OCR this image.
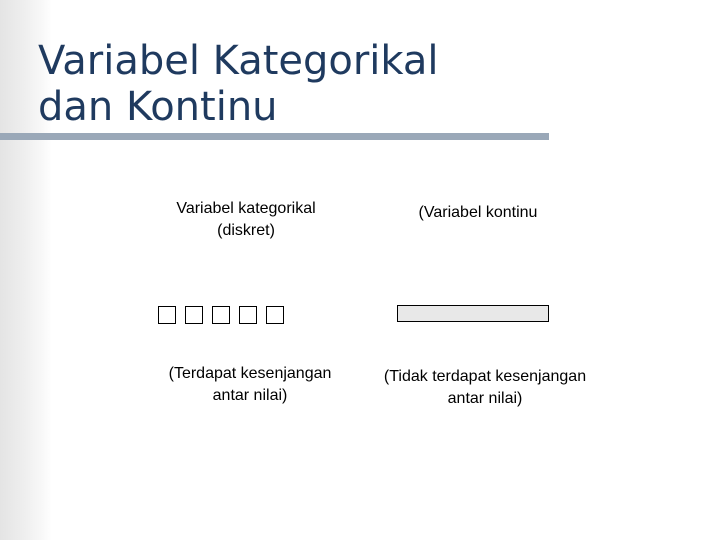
Variabel Kategorikal
dan Kontinu
Variabel kategorikal
(diskret)
(Variabel kontinu
(Terdapat kesenjangan
antar nilai)
(Tidak terdapat kesenjangan
antar nilai)
